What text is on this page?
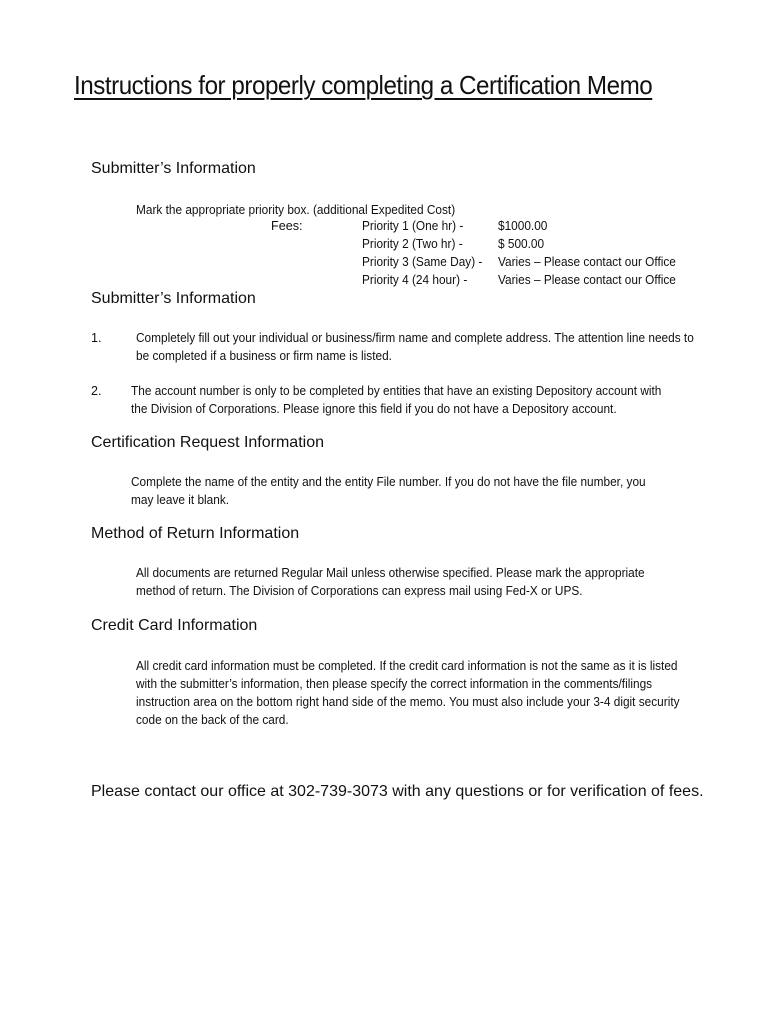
Instructions for properly completing a Certification Memo
Submitter’s Information
Mark the appropriate priority box. (additional Expedited Cost)
Fees:	Priority 1 (One hr) -	$1000.00
Priority 2 (Two hr) -	$ 500.00
Priority 3 (Same Day) - Varies – Please contact our Office
Priority 4 (24 hour) - Varies – Please contact our Office
Submitter’s Information
1.	Completely fill out your individual or business/firm name and complete address. The attention line needs to
be completed if a business or firm name is listed.
2. The account number is only to be completed by entities that have an existing Depository account with
the Division of Corporations. Please ignore this field if you do not have a Depository account.
Certification Request Information
Complete the name of the entity and the entity File number. If you do not have the file number, you
may leave it blank.
Method of Return Information
All documents are returned Regular Mail unless otherwise specified. Please mark the appropriate
method of return. The Division of Corporations can express mail using Fed-X or UPS.
Credit Card Information
All credit card information must be completed. If the credit card information is not the same as it is listed
with the submitter’s information, then please specify the correct information in the comments/filings
instruction area on the bottom right hand side of the memo. You must also include your 3-4 digit security
code on the back of the card.
Please contact our office at 302-739-3073 with any questions or for verification of fees.
